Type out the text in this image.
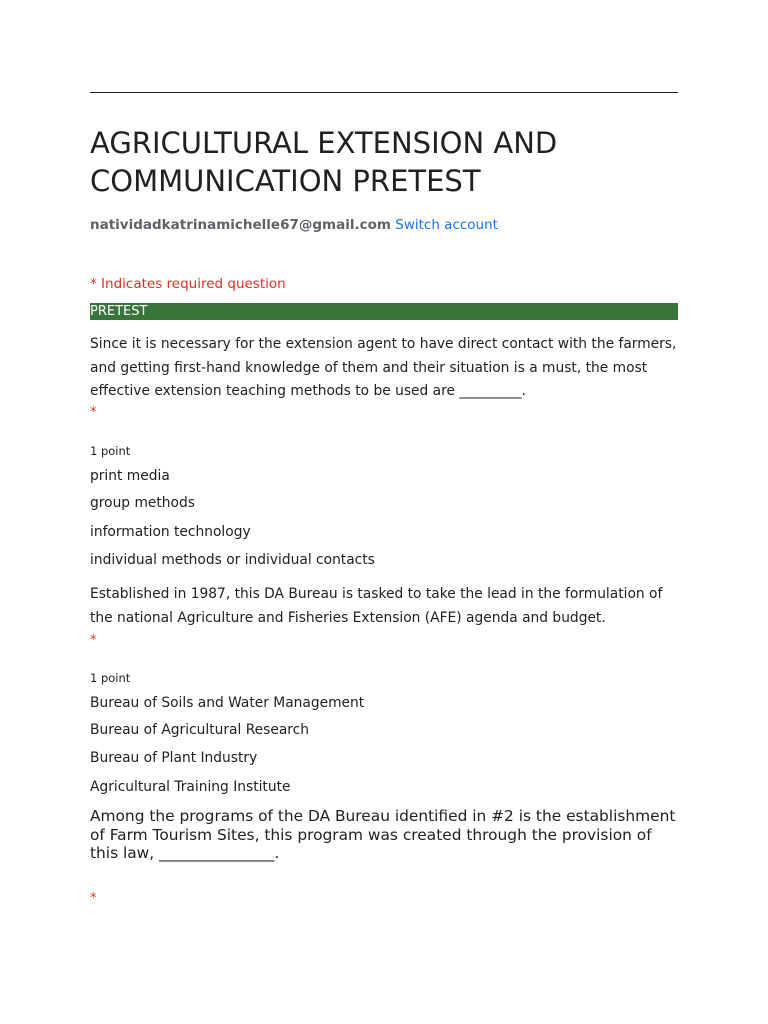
AGRICULTURAL EXTENSION AND
COMMUNICATION PRETEST
natividadkatrinamichelle67@gmail.com Switch account
* Indicates required question
PRETEST

Since it is necessary for the extension agent to have direct contact with the farmers, and getting first-hand knowledge of them and their situation is a must, the most effective extension teaching methods to be used are _________.

*
1 point
print media
group methods
information technology
individual methods or individual contacts

Established in 1987, this DA Bureau is tasked to take the lead in the formulation of the national Agriculture and Fisheries Extension (AFE) agenda and budget.

*
1 point
Bureau of Soils and Water Management
Bureau of Agricultural Research
Bureau of Plant Industry
Agricultural Training Institute

Among the programs of the DA Bureau identified in #2 is the establishment of Farm Tourism Sites, this program was created through the provision of this law, _______________.

*
